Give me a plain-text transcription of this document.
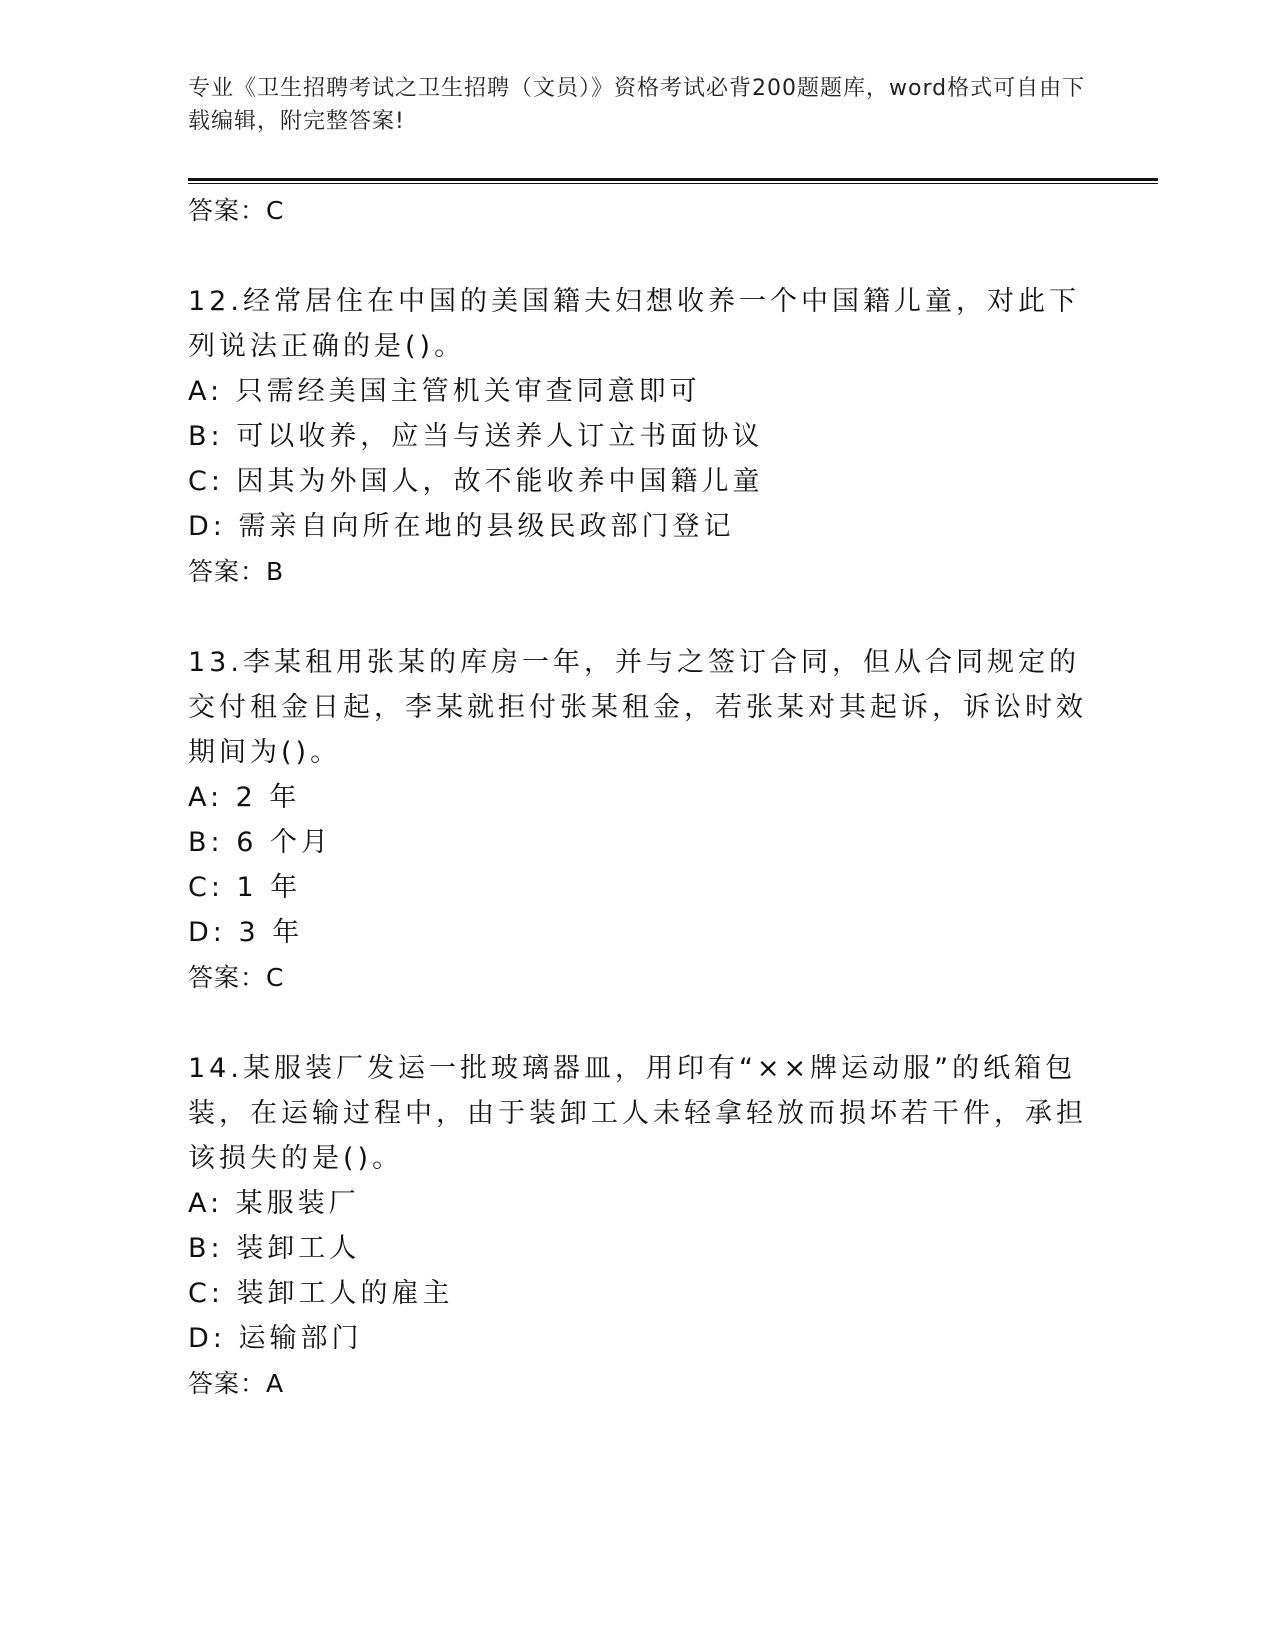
专业《卫生招聘考试之卫生招聘（文员）》资格考试必背200题题库，word格式可自由下载编辑，附完整答案!

答案：C

12.经常居住在中国的美国籍夫妇想收养一个中国籍儿童，对此下列说法正确的是()。

A: 只需经美国主管机关审查同意即可

B: 可以收养，应当与送养人订立书面协议

C: 因其为外国人，故不能收养中国籍儿童

D: 需亲自向所在地的县级民政部门登记

答案：B

13.李某租用张某的库房一年，并与之签订合同，但从合同规定的交付租金日起，李某就拒付张某租金，若张某对其起诉，诉讼时效期间为()。

A: 2 年

B: 6 个月

C: 1 年

D: 3 年

答案：C

14.某服装厂发运一批玻璃器皿，用印有“××牌运动服”的纸箱包装，在运输过程中，由于装卸工人未轻拿轻放而损坏若干件，承担该损失的是()。

A: 某服装厂

B: 装卸工人

C: 装卸工人的雇主

D: 运输部门

答案：A
